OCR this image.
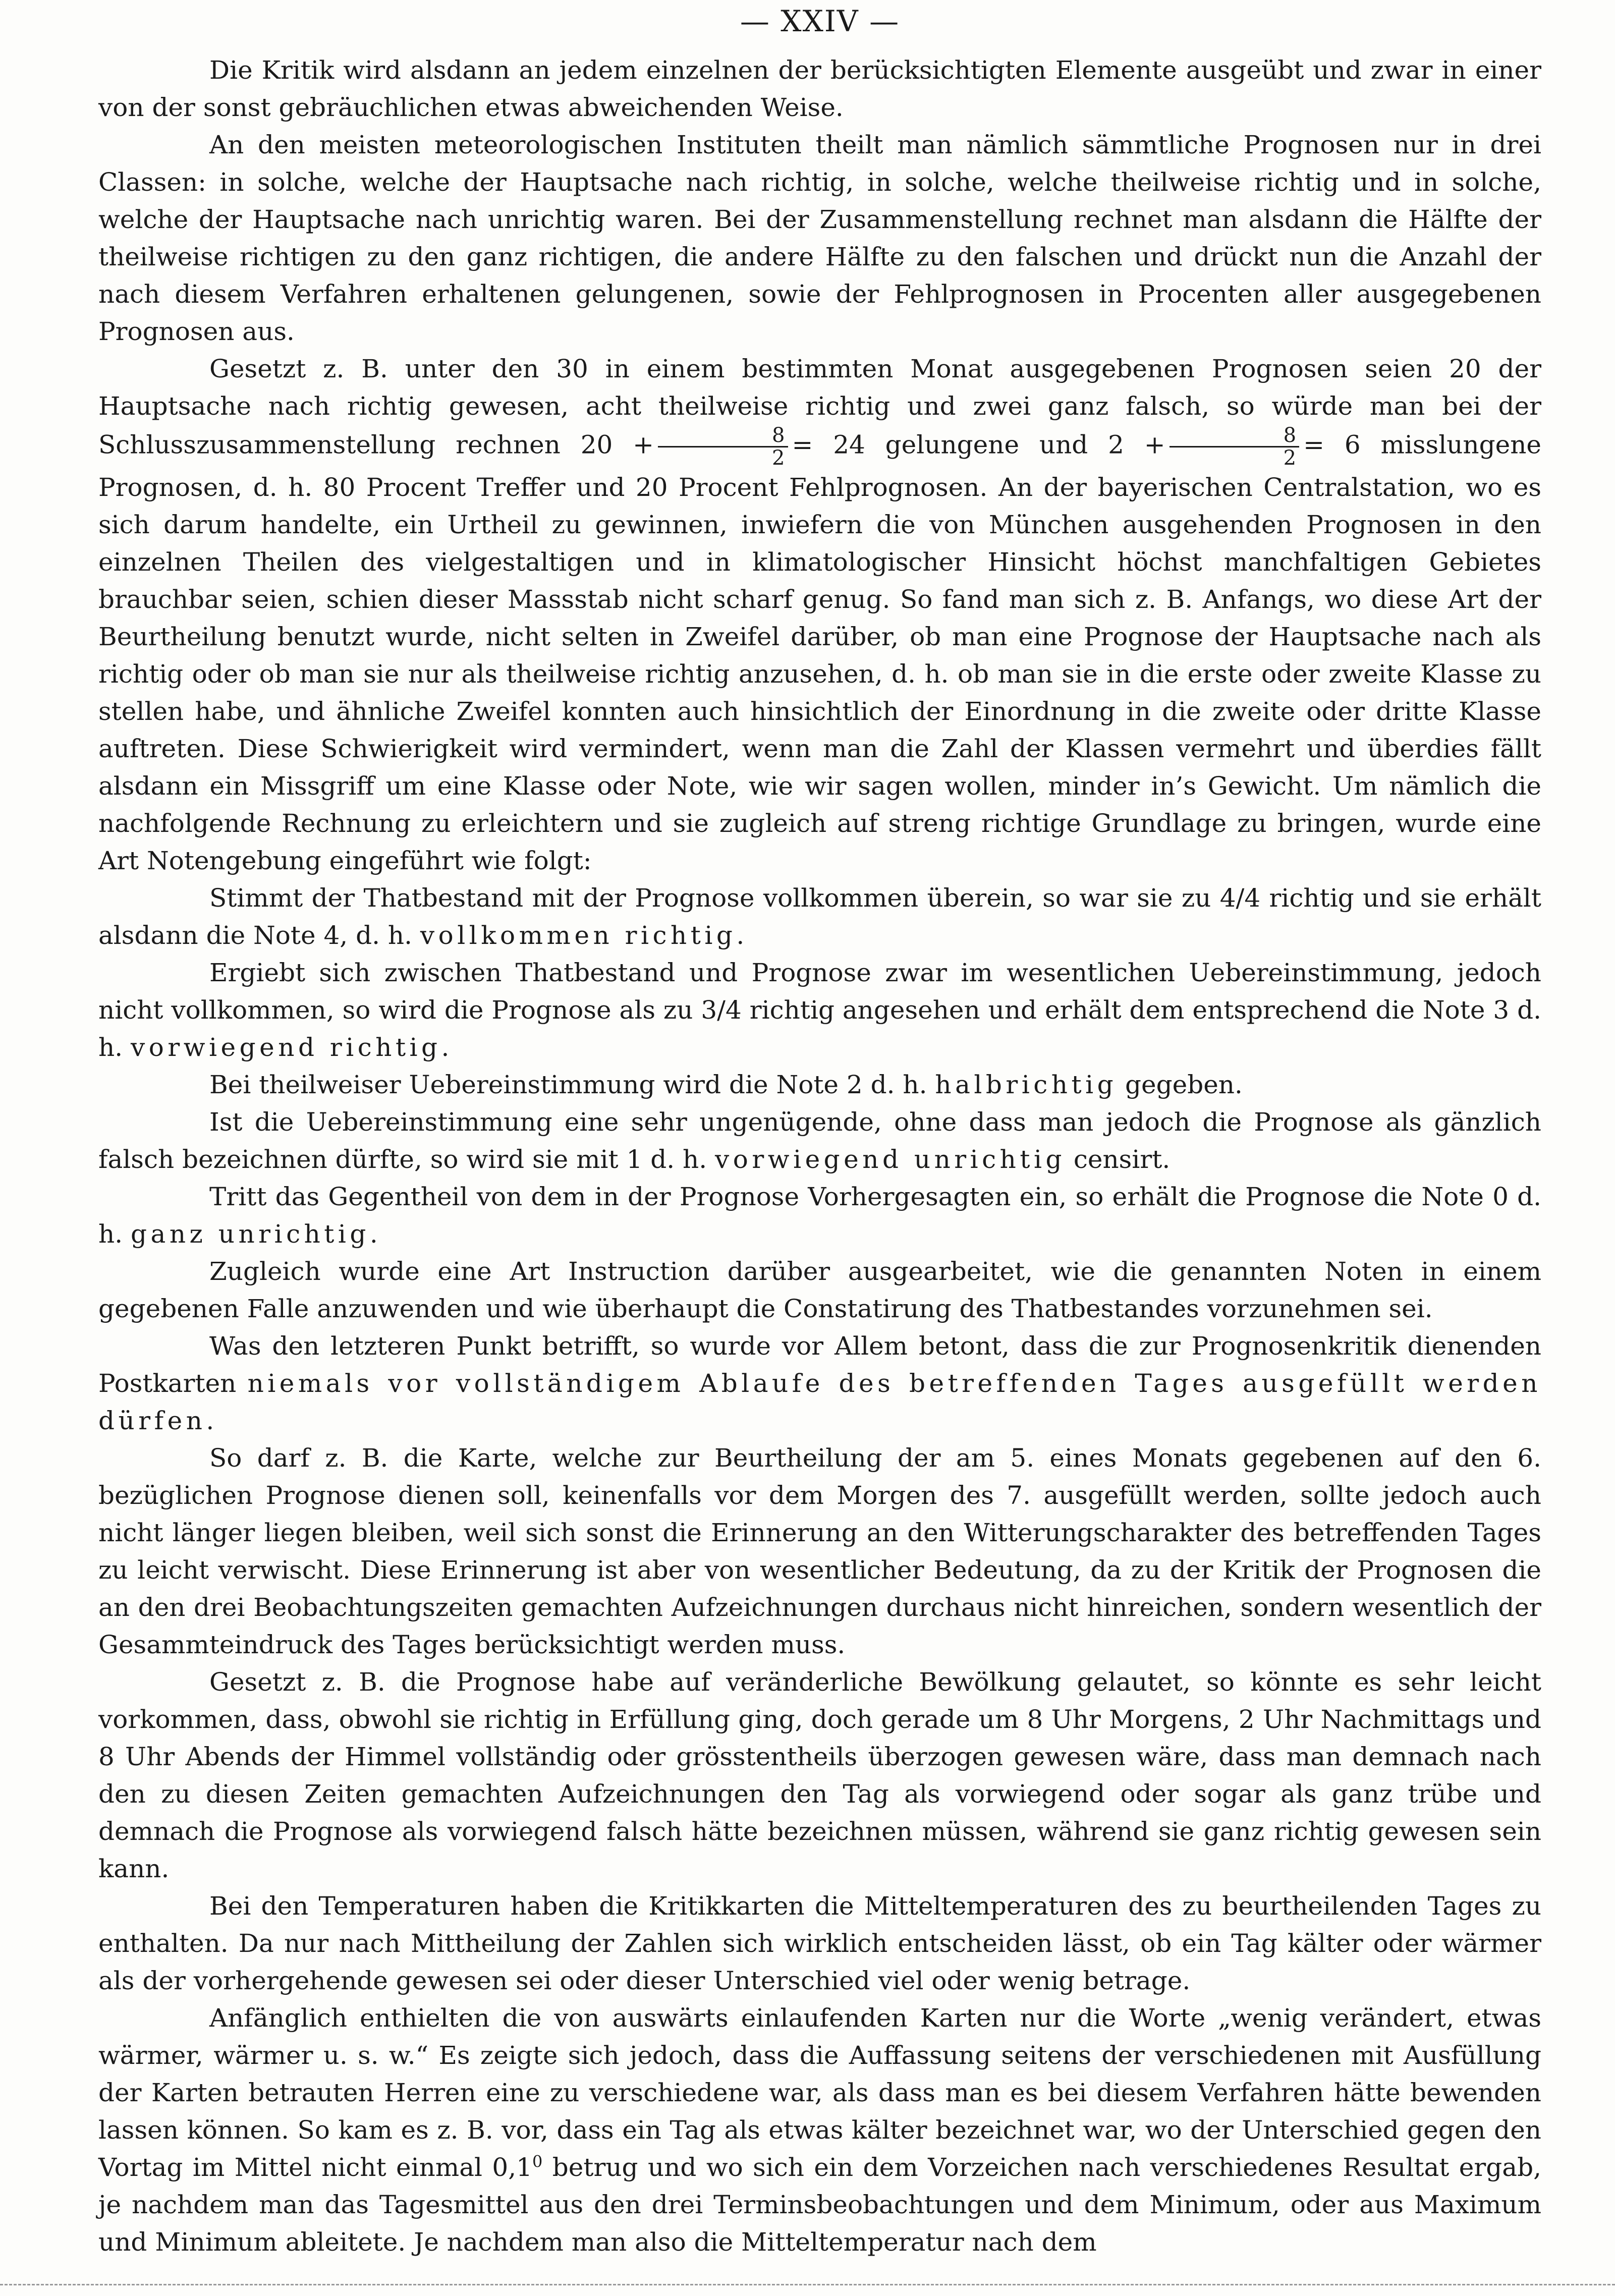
— XXIV —

Die Kritik wird alsdann an jedem einzelnen der berücksichtigten Elemente ausgeübt und zwar in einer von der sonst gebräuchlichen etwas abweichenden Weise.

An den meisten meteorologischen Instituten theilt man nämlich sämmtliche Prognosen nur in drei Classen: in solche, welche der Hauptsache nach richtig, in solche, welche theilweise richtig und in solche, welche der Hauptsache nach unrichtig waren. Bei der Zusammenstellung rechnet man alsdann die Hälfte der theilweise richtigen zu den ganz richtigen, die andere Hälfte zu den falschen und drückt nun die Anzahl der nach diesem Verfahren erhaltenen gelungenen, sowie der Fehlprognosen in Procenten aller ausgegebenen Prognosen aus.

Gesetzt z. B. unter den 30 in einem bestimmten Monat ausgegebenen Prognosen seien 20 der Hauptsache nach richtig gewesen, acht theilweise richtig und zwei ganz falsch, so würde man bei der Schlusszusammenstellung rechnen $20 + \frac{8}{2} = 24$ gelungene und $2 + \frac{8}{2} = 6$ misslungene Prognosen, d. h. 80 Procent Treffer und 20 Procent Fehlprognosen. An der bayerischen Centralstation, wo es sich darum handelte, ein Urtheil zu gewinnen, inwiefern die von München ausgehenden Prognosen in den einzelnen Theilen des vielgestaltigen und in klimatologischer Hinsicht höchst manchfaltigen Gebietes brauchbar seien, schien dieser Massstab nicht scharf genug. So fand man sich z. B. Anfangs, wo diese Art der Beurtheilung benutzt wurde, nicht selten in Zweifel darüber, ob man eine Prognose der Hauptsache nach als richtig oder ob man sie nur als theilweise richtig anzusehen, d. h. ob man sie in die erste oder zweite Klasse zu stellen habe, und ähnliche Zweifel konnten auch hinsichtlich der Einordnung in die zweite oder dritte Klasse auftreten. Diese Schwierigkeit wird vermindert, wenn man die Zahl der Klassen vermehrt und überdies fällt alsdann ein Missgriff um eine Klasse oder Note, wie wir sagen wollen, minder in’s Gewicht. Um nämlich die nachfolgende Rechnung zu erleichtern und sie zugleich auf streng richtige Grundlage zu bringen, wurde eine Art Notengebung eingeführt wie folgt:

Stimmt der Thatbestand mit der Prognose vollkommen überein, so war sie zu 4/4 richtig und sie erhält alsdann die Note 4, d. h. vollkommen richtig.

Ergiebt sich zwischen Thatbestand und Prognose zwar im wesentlichen Uebereinstimmung, jedoch nicht vollkommen, so wird die Prognose als zu 3/4 richtig angesehen und erhält dem entsprechend die Note 3 d. h. vorwiegend richtig.

Bei theilweiser Uebereinstimmung wird die Note 2 d. h. halbrichtig gegeben.

Ist die Uebereinstimmung eine sehr ungenügende, ohne dass man jedoch die Prognose als gänzlich falsch bezeichnen dürfte, so wird sie mit 1 d. h. vorwiegend unrichtig censirt.

Tritt das Gegentheil von dem in der Prognose Vorhergesagten ein, so erhält die Prognose die Note 0 d. h. ganz unrichtig.

Zugleich wurde eine Art Instruction darüber ausgearbeitet, wie die genannten Noten in einem gegebenen Falle anzuwenden und wie überhaupt die Constatirung des Thatbestandes vorzunehmen sei.

Was den letzteren Punkt betrifft, so wurde vor Allem betont, dass die zur Prognosenkritik dienenden Postkarten niemals vor vollständigem Ablaufe des betreffenden Tages ausgefüllt werden dürfen.

So darf z. B. die Karte, welche zur Beurtheilung der am 5. eines Monats gegebenen auf den 6. bezüglichen Prognose dienen soll, keinenfalls vor dem Morgen des 7. ausgefüllt werden, sollte jedoch auch nicht länger liegen bleiben, weil sich sonst die Erinnerung an den Witterungscharakter des betreffenden Tages zu leicht verwischt. Diese Erinnerung ist aber von wesentlicher Bedeutung, da zu der Kritik der Prognosen die an den drei Beobachtungszeiten gemachten Aufzeichnungen durchaus nicht hinreichen, sondern wesentlich der Gesammteindruck des Tages berücksichtigt werden muss.

Gesetzt z. B. die Prognose habe auf veränderliche Bewölkung gelautet, so könnte es sehr leicht vorkommen, dass, obwohl sie richtig in Erfüllung ging, doch gerade um 8 Uhr Morgens, 2 Uhr Nachmittags und 8 Uhr Abends der Himmel vollständig oder grösstentheils überzogen gewesen wäre, dass man demnach nach den zu diesen Zeiten gemachten Aufzeichnungen den Tag als vorwiegend oder sogar als ganz trübe und demnach die Prognose als vorwiegend falsch hätte bezeichnen müssen, während sie ganz richtig gewesen sein kann.

Bei den Temperaturen haben die Kritikkarten die Mitteltemperaturen des zu beurtheilenden Tages zu enthalten. Da nur nach Mittheilung der Zahlen sich wirklich entscheiden lässt, ob ein Tag kälter oder wärmer als der vorhergehende gewesen sei oder dieser Unterschied viel oder wenig betrage.

Anfänglich enthielten die von auswärts einlaufenden Karten nur die Worte „wenig verändert, etwas wärmer, wärmer u. s. w.“ Es zeigte sich jedoch, dass die Auffassung seitens der verschiedenen mit Ausfüllung der Karten betrauten Herren eine zu verschiedene war, als dass man es bei diesem Verfahren hätte bewenden lassen können. So kam es z. B. vor, dass ein Tag als etwas kälter bezeichnet war, wo der Unterschied gegen den Vortag im Mittel nicht einmal $0,1^0$ betrug und wo sich ein dem Vorzeichen nach verschiedenes Resultat ergab, je nachdem man das Tagesmittel aus den drei Terminsbeobachtungen und dem Minimum, oder aus Maximum und Minimum ableitete. Je nachdem man also die Mitteltemperatur nach dem
